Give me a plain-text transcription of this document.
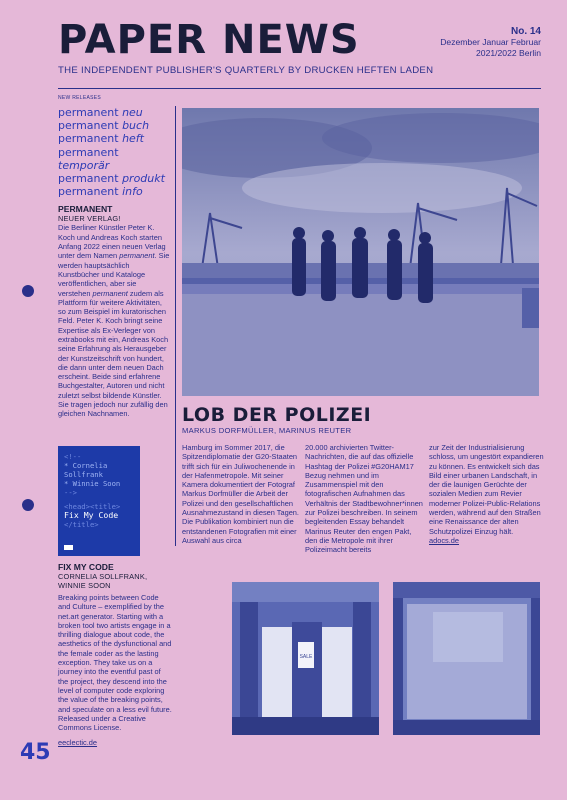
PAPER NEWS
THE INDEPENDENT PUBLISHER'S QUARTERLY BY DRUCKEN HEFTEN LADEN
No. 14
Dezember Januar Februar
2021/2022 Berlin
NEW RELEASES
permanent neu
permanent buch
permanent heft
permanent temporär
permanent produkt
permanent info
PERMANENT
NEUER VERLAG!

Die Berliner Künstler Peter K. Koch und Andreas Koch starten Anfang 2022 einen neuen Verlag unter dem Namen permanent. Sie werden hauptsächlich Kunstbücher und Kataloge veröffentlichen, aber sie verstehen permanent zudem als Plattform für weitere Aktivitäten, so zum Beispiel im kuratorischen Feld. Peter K. Koch bringt seine Expertise als Ex-Verleger von extrabooks mit ein, Andreas Koch seine Erfahrung als Herausgeber der Kunstzeitschrift von hundert, die dann unter dem neuen Dach erscheint. Beide sind erfahrene Buchgestalter, Autoren und nicht zuletzt selbst bildende Künstler. Sie tragen jedoch nur zufällig den gleichen Nachnamen.

<!--
* Cornelia
Sollfrank
* Winnie Soon
-->
<head><title>
Fix My Code
</title>
FIX MY CODE
CORNELIA SOLLFRANK, WINNIE SOON

Breaking points between Code and Culture – exemplified by the net.art generator. Starting with a broken tool two artists engage in a thrilling dialogue about code, the aesthetics of the dysfunctional and the female coder as the lasting exception. They take us on a journey into the eventful past of the project, they descend into the level of computer code exploring the value of the breaking points, and speculate on a less evil future.

Released under a Creative Commons License.

eeclectic.de
45
LOB DER POLIZEI
MARKUS DORFMÜLLER, MARINUS REUTER

Hamburg im Sommer 2017, die Spitzendiplomatie der G20-Staaten trifft sich für ein Juliwochenende in der Hafenmetropole. Mit seiner Kamera dokumentiert der Fotograf Markus Dorfmüller die Arbeit der Polizei und den gesellschaftlichen Ausnahmezustand in diesen Tagen. Die Publikation kombiniert nun die entstandenen Fotografien mit einer Auswahl aus circa

20.000 archivierten Twitter-Nachrichten, die auf das offizielle Hashtag der Polizei #G20HAM17 Bezug nehmen und im Zusammenspiel mit den fotografischen Aufnahmen das Verhältnis der Stadtbewohner*innen zur Polizei beschreiben. In seinem begleitenden Essay behandelt Marinus Reuter den engen Pakt, den die Metropole mit ihrer Polizeimacht bereits

zur Zeit der Industrialisierung schloss, um ungestört expandieren zu können. Es entwickelt sich das Bild einer urbanen Landschaft, in der die launigen Gerüchte der sozialen Medien zum Revier moderner Polizei-Public-Relations werden, während auf den Straßen eine Renaissance der alten Schutzpolizei Einzug hält.

adocs.de
SALE
